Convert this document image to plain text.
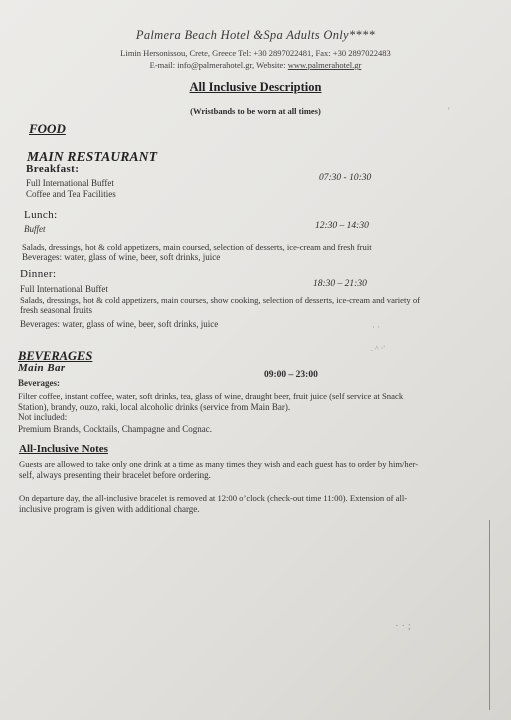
Palmera Beach Hotel &Spa Adults Only****
Limin Hersonissou, Crete, Greece Tel: +30 2897022481, Fax: +30 2897022483
E-mail: info@palmerahotel.gr, Website: www.palmerahotel.gr
All Inclusive Description
(Wristbands to be worn at all times)
FOOD
MAIN RESTAURANT
Breakfast:
Full International Buffet
Coffee and Tea Facilities
07:30 - 10:30
Lunch:
Buffet	12:30 – 14:30
Salads, dressings, hot & cold appetizers, main coursed, selection of desserts, ice-cream and fresh fruit
Beverages: water, glass of wine, beer, soft drinks, juice
Dinner:
18:30 – 21:30
Full International Buffet
Salads, dressings, hot & cold appetizers, main courses, show cooking, selection of desserts, ice-cream and variety of
fresh seasonal fruits
Beverages: water, glass of wine, beer, soft drinks, juice
BEVERAGES
Main Bar
09:00 – 23:00
Beverages:
Filter coffee, instant coffee, water, soft drinks, tea, glass of wine, draught beer, fruit juice (self service at Snack
Station), brandy, ouzo, raki, local alcoholic drinks (service from Main Bar).
Not included:
Premium Brands, Cocktails, Champagne and Cognac.
All-Inclusive Notes
Guests are allowed to take only one drink at a time as many times they wish and each guest has to order by him/her-
self, always presenting their bracelet before ordering.
On departure day, the all-inclusive bracelet is removed at 12:00 o’clock (check-out time 11:00). Extension of all-
inclusive program is given with additional charge.
'
· ·
. ^ ·'
· · ;
